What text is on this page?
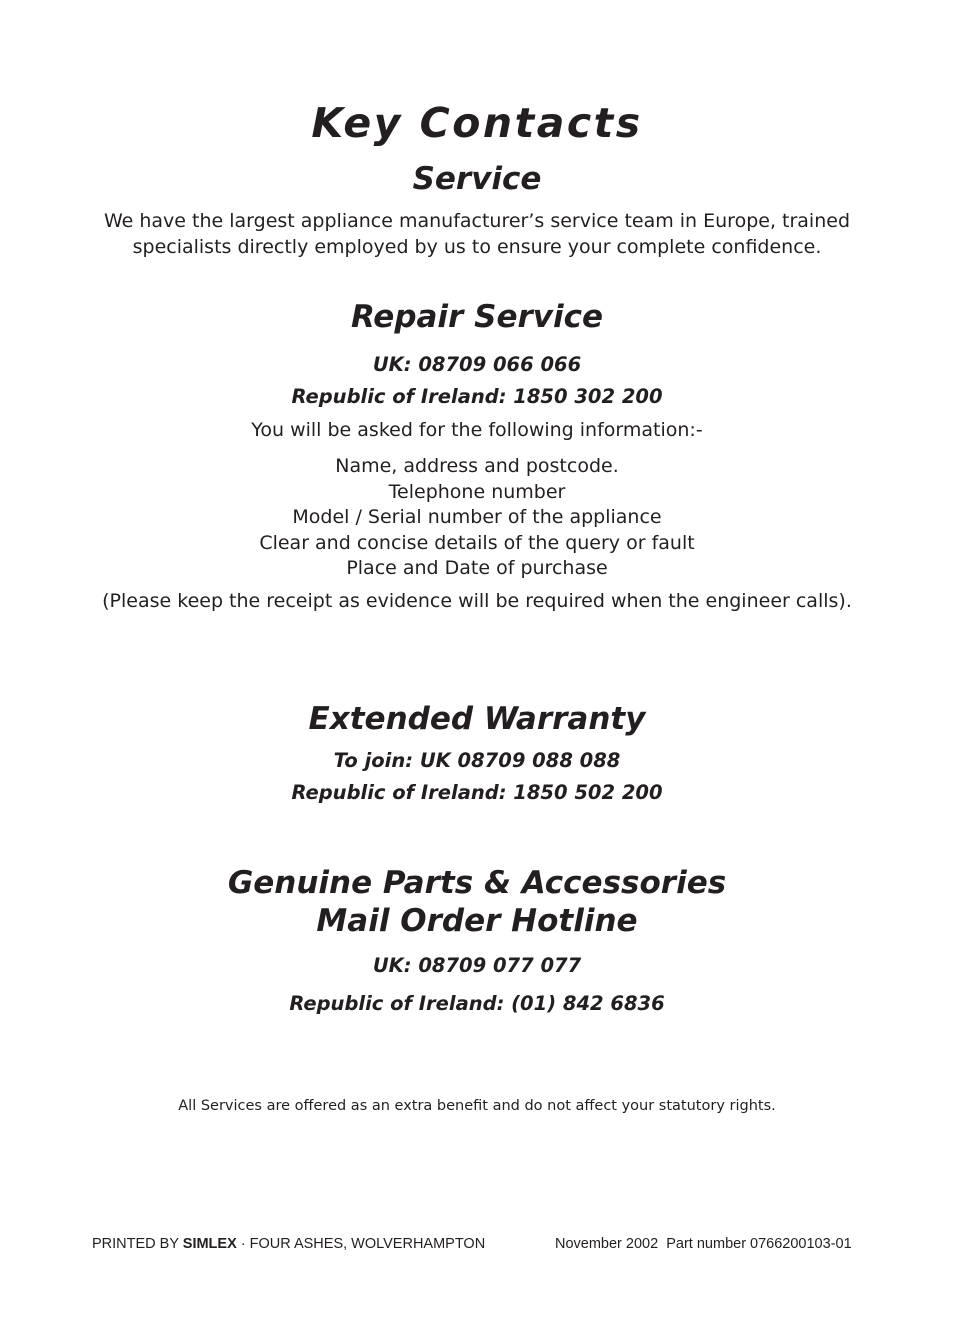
Key Contacts
Service
We have the largest appliance manufacturer’s service team in Europe, trained
specialists directly employed by us to ensure your complete confidence.
Repair Service
UK: 08709 066 066
Republic of Ireland: 1850 302 200
You will be asked for the following information:-
Name, address and postcode.
Telephone number
Model / Serial number of the appliance
Clear and concise details of the query or fault
Place and Date of purchase
(Please keep the receipt as evidence will be required when the engineer calls).
Extended Warranty
To join: UK 08709 088 088
Republic of Ireland: 1850 502 200
Genuine Parts & Accessories
Mail Order Hotline
UK: 08709 077 077
Republic of Ireland: (01) 842 6836
All Services are offered as an extra benefit and do not affect your statutory rights.
PRINTED BY SIMLEX · FOUR ASHES, WOLVERHAMPTON	November 2002 Part number 0766200103-01
